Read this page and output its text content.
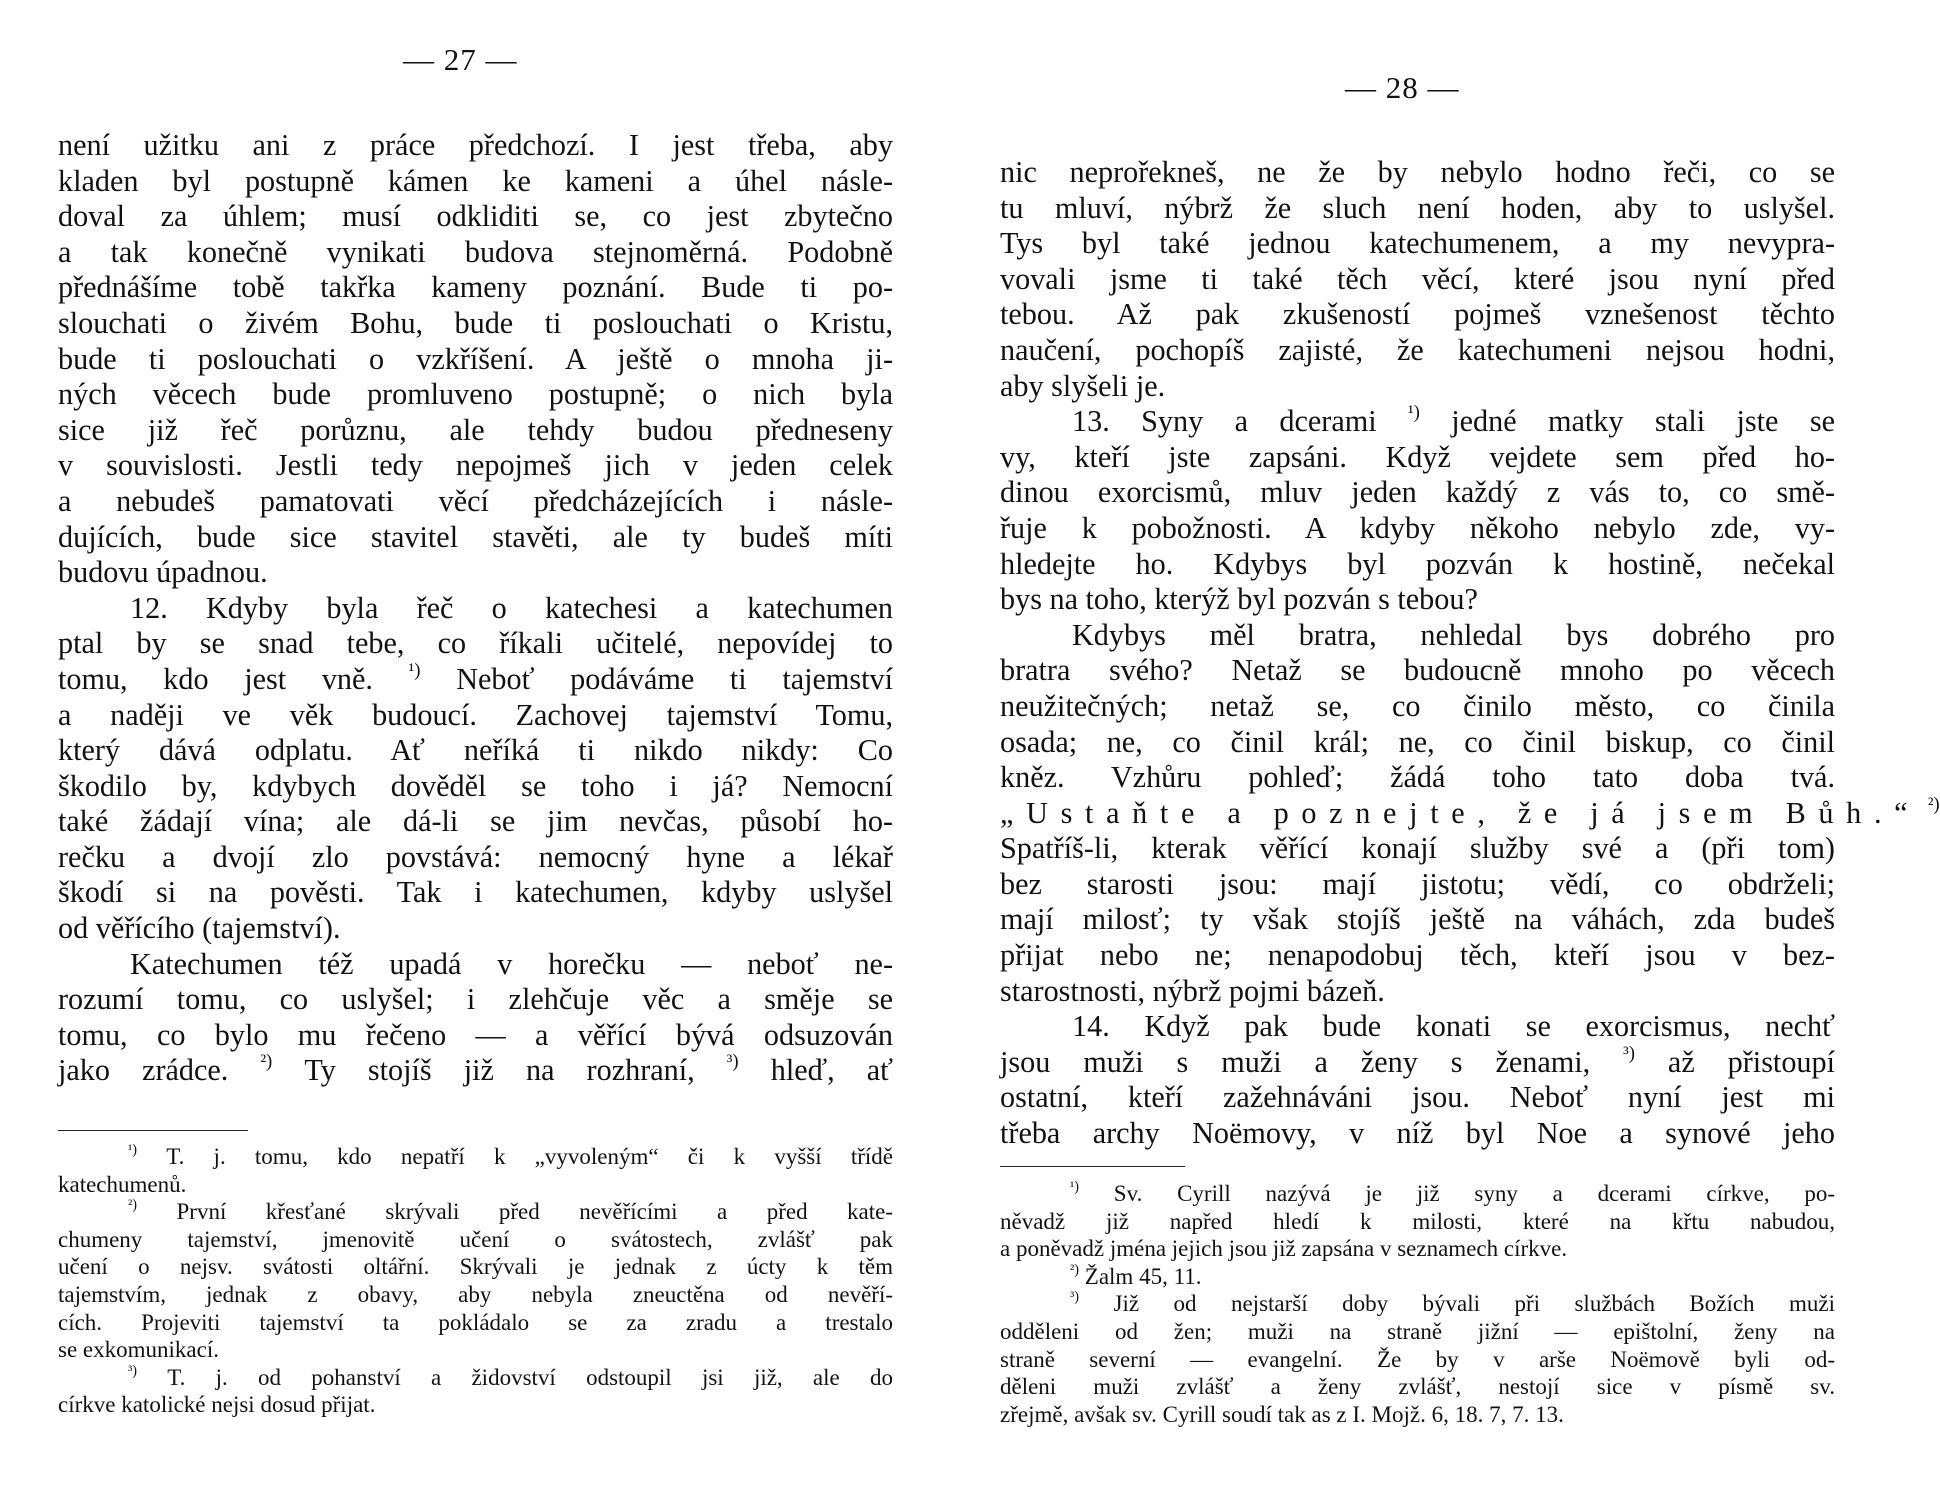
— 27 —

není užitku ani z práce předchozí. I jest třeba, aby
kladen byl postupně kámen ke kameni a úhel násle-
doval za úhlem; musí odkliditi se, co jest zbytečno
a tak konečně vynikati budova stejnoměrná. Podobně
přednášíme tobě takřka kameny poznání. Bude ti po-
slouchati o živém Bohu, bude ti poslouchati o Kristu,
bude ti poslouchati o vzkříšení. A ještě o mnoha ji-
ných věcech bude promluveno postupně; o nich byla
sice již řeč porůznu, ale tehdy budou předneseny
v souvislosti. Jestli tedy nepojmeš jich v jeden celek
a nebudeš pamatovati věcí předcházejících i násle-
dujících, bude sice stavitel stavěti, ale ty budeš míti
budovu úpadnou.

12. Kdyby byla řeč o katechesi a katechumen
ptal by se snad tebe, co říkali učitelé, nepovídej to
tomu, kdo jest vně. $^{^1)}$ Neboť podáváme ti tajemství
a naději ve věk budoucí. Zachovej tajemství Tomu,
který dává odplatu. Ať neříká ti nikdo nikdy: Co
škodilo by, kdybych dověděl se toho i já? Nemocní
také žádají vína; ale dá-li se jim nevčas, působí ho-
rečku a dvojí zlo povstává: nemocný hyne a lékař
škodí si na pověsti. Tak i katechumen, kdyby uslyšel
od věřícího (tajemství).

Katechumen též upadá v horečku — neboť ne-
rozumí tomu, co uslyšel; i zlehčuje věc a směje se
tomu, co bylo mu řečeno — a věřící bývá odsuzován
jako zrádce. $^{^2)}$ Ty stojíš již na rozhraní, $^{^3)}$ hleď, ať

$^{^1)}$ T. j. tomu, kdo nepatří k „vyvoleným“ či k vyšší třídě
katechumenů.

$^{^2)}$ První křesťané skrývali před nevěřícími a před kate-
chumeny tajemství, jmenovitě učení o svátostech, zvlášť pak
učení o nejsv. svátosti oltářní. Skrývali je jednak z úcty k těm
tajemstvím, jednak z obavy, aby nebyla zneuctěna od nevěří-
cích. Projeviti tajemství ta pokládalo se za zradu a trestalo
se exkomunikací.

$^{^3)}$ T. j. od pohanství a židovství odstoupil jsi již, ale do
církve katolické nejsi dosud přijat.

— 28 —

nic neprořekneš, ne že by nebylo hodno řeči, co se
tu mluví, nýbrž že sluch není hoden, aby to uslyšel.
Tys byl také jednou katechumenem, a my nevypra-
vovali jsme ti také těch věcí, které jsou nyní před
tebou. Až pak zkušeností pojmeš vznešenost těchto
naučení, pochopíš zajisté, že katechumeni nejsou hodni,
aby slyšeli je.

13. Syny a dcerami $^{^1)}$ jedné matky stali jste se
vy, kteří jste zapsáni. Když vejdete sem před ho-
dinou exorcismů, mluv jeden každý z vás to, co smě-
řuje k pobožnosti. A kdyby někoho nebylo zde, vy-
hledejte ho. Kdybys byl pozván k hostině, nečekal
bys na toho, kterýž byl pozván s tebou?

Kdybys měl bratra, nehledal bys dobrého pro
bratra svého? Netaž se budoucně mnoho po věcech
neužitečných; netaž se, co činilo město, co činila
osada; ne, co činil král; ne, co činil biskup, co činil
kněz. Vzhůru pohleď; žádá toho tato doba tvá.
„Ustaňte a poznejte, že já jsem Bůh.“ $^{^2)}$
Spatříš-li, kterak věřící konají služby své a (při tom)
bez starosti jsou: mají jistotu; vědí, co obdrželi;
mají milosť; ty však stojíš ještě na váhách, zda budeš
přijat nebo ne; nenapodobuj těch, kteří jsou v bez-
starostnosti, nýbrž pojmi bázeň.

14. Když pak bude konati se exorcismus, nechť
jsou muži s muži a ženy s ženami, $^{^3)}$ až přistoupí
ostatní, kteří zažehnáváni jsou. Neboť nyní jest mi
třeba archy Noëmovy, v níž byl Noe a synové jeho

$^{^1)}$ Sv. Cyrill nazývá je již syny a dcerami církve, po-
něvadž již napřed hledí k milosti, které na křtu nabudou,
a poněvadž jména jejich jsou již zapsána v seznamech církve.

$^{^2)}$ Žalm 45, 11.

$^{^3)}$ Již od nejstarší doby bývali při službách Božích muži
odděleni od žen; muži na straně jižní — epištolní, ženy na
straně severní — evangelní. Že by v arše Noëmově byli od-
děleni muži zvlášť a ženy zvlášť, nestojí sice v písmě sv.
zřejmě, avšak sv. Cyrill soudí tak as z I. Mojž. 6, 18. 7, 7. 13.
